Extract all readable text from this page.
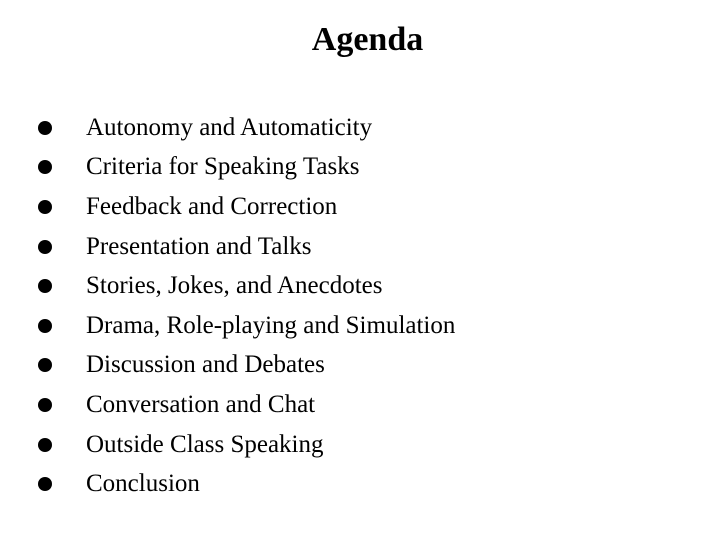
Agenda
Autonomy and Automaticity
Criteria for Speaking Tasks
Feedback and Correction
Presentation and Talks
Stories, Jokes, and Anecdotes
Drama, Role-playing and Simulation
Discussion and Debates
Conversation and Chat
Outside Class Speaking
Conclusion
